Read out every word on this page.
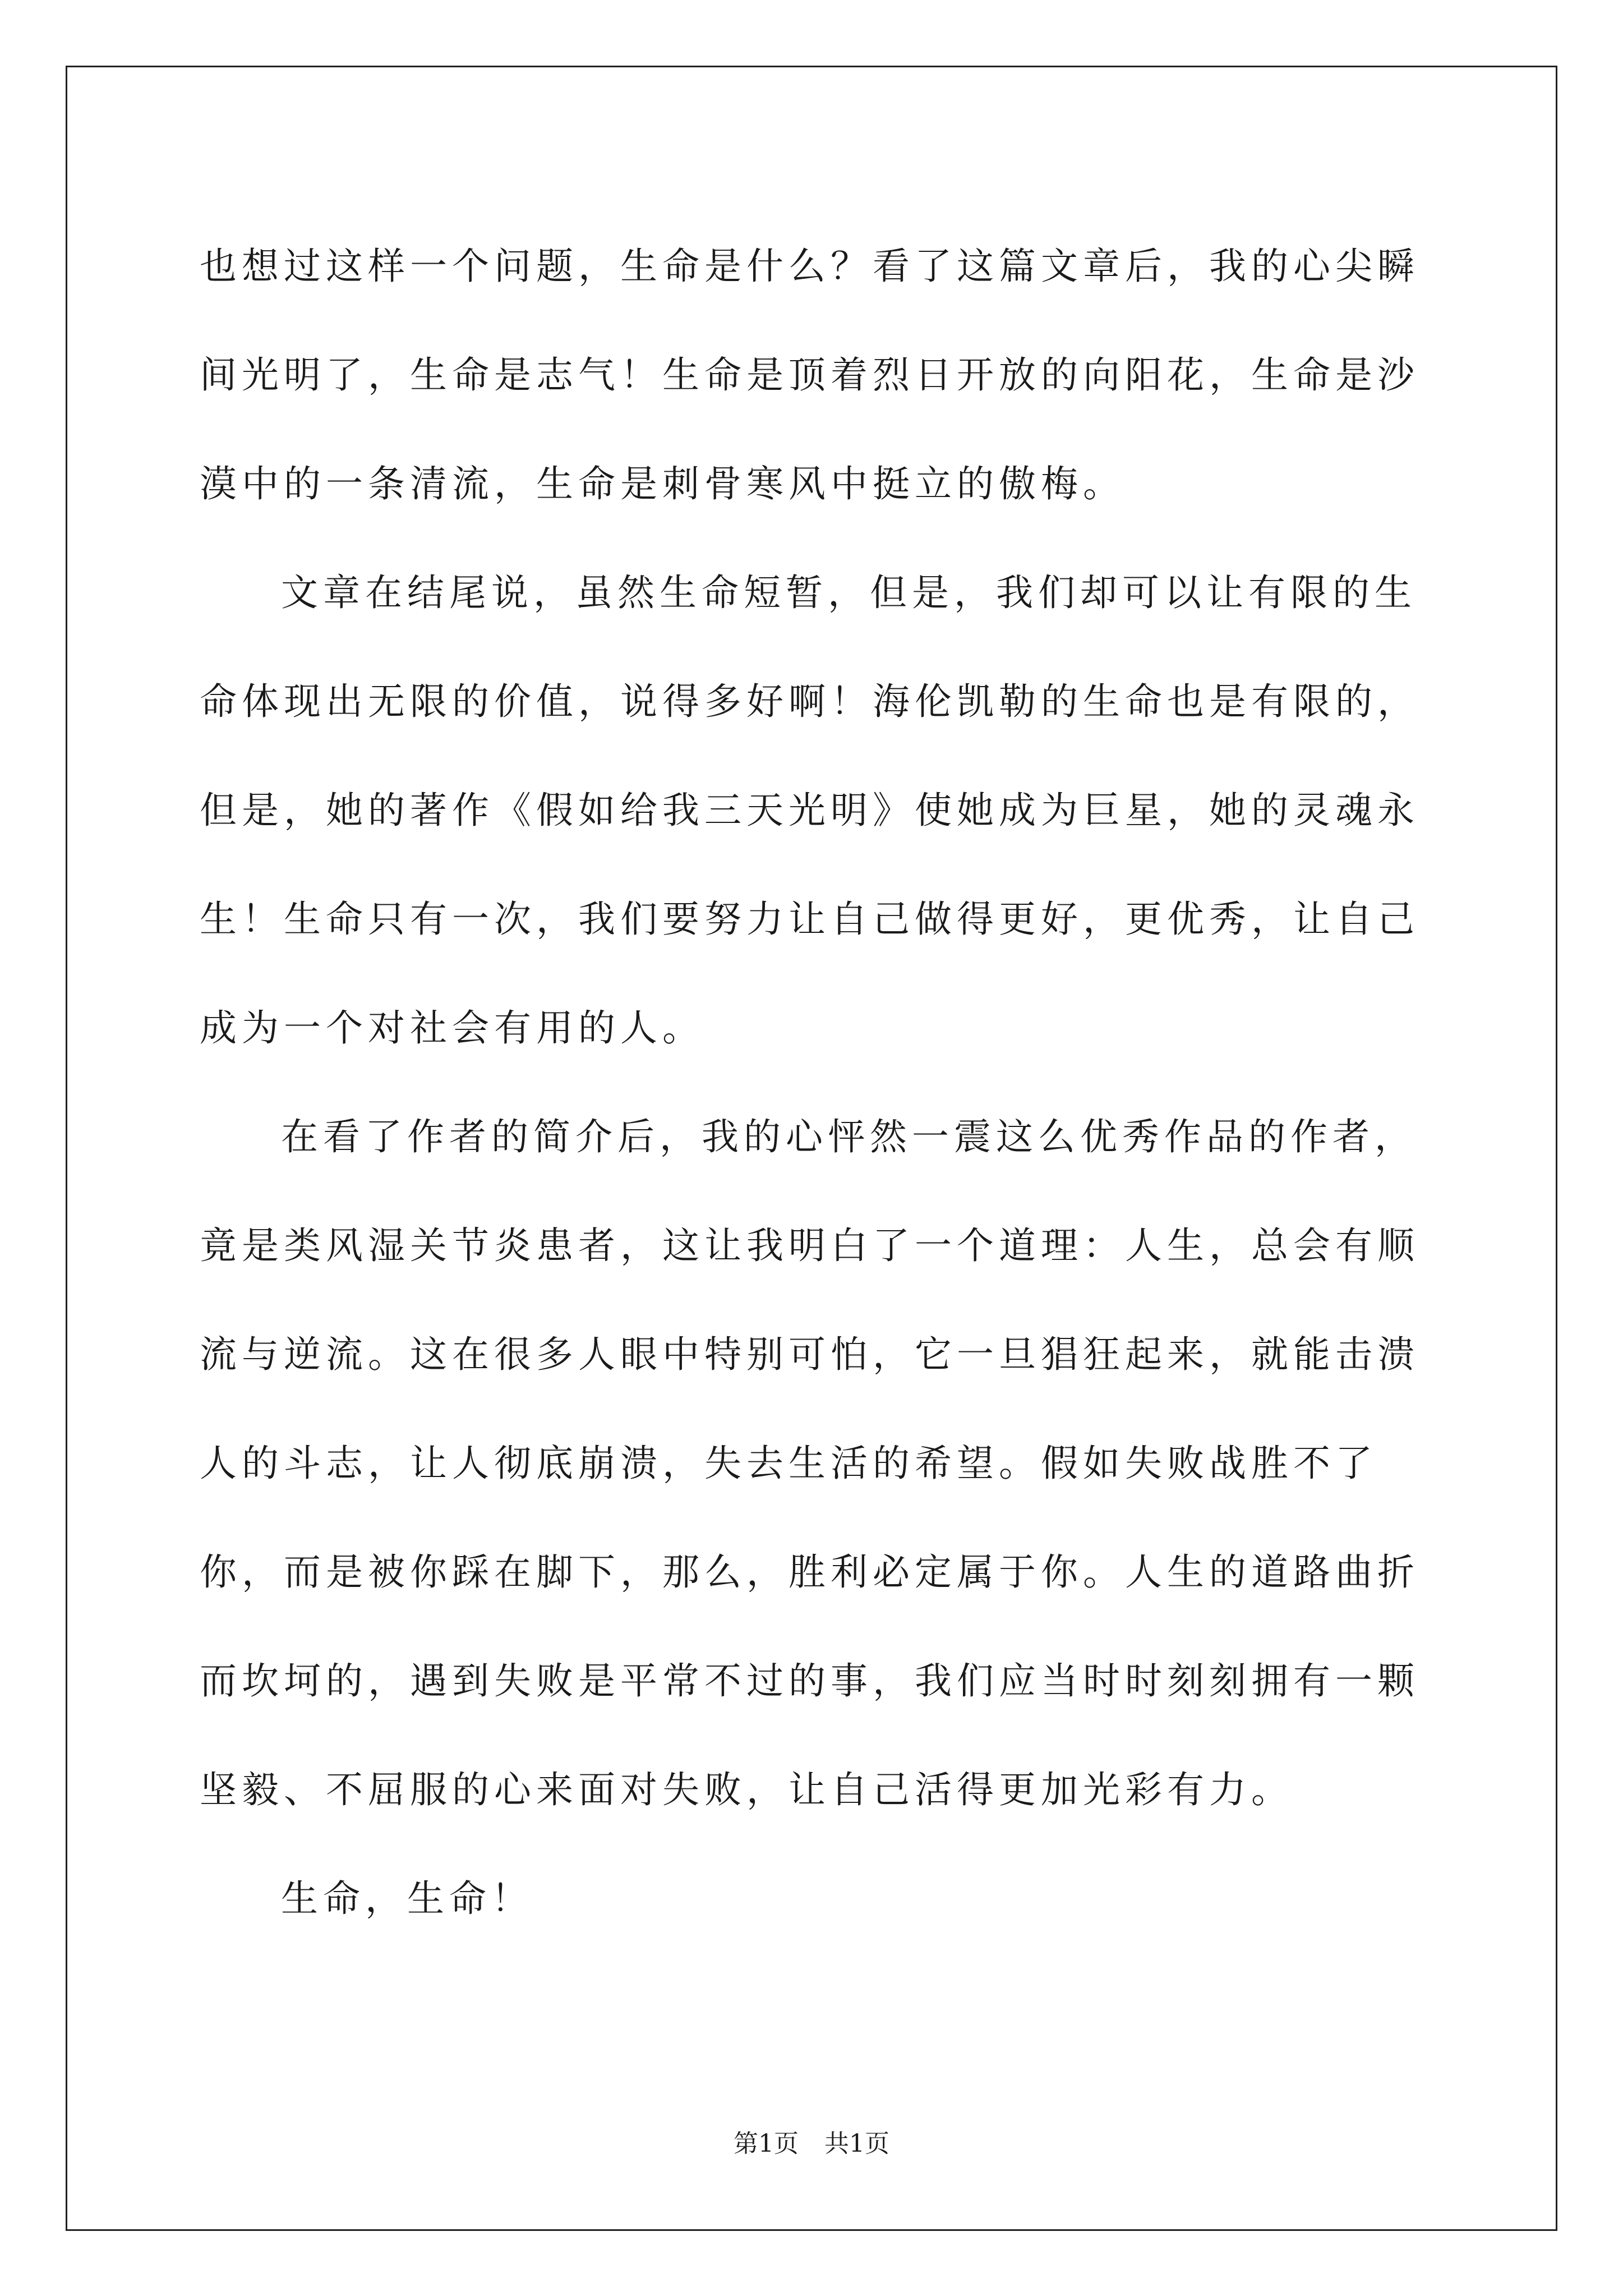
也想过这样一个问题，生命是什么？看了这篇文章后，我的心尖瞬间光明了，生命是志气！生命是顶着烈日开放的向阳花，生命是沙漠中的一条清流，生命是刺骨寒风中挺立的傲梅。

文章在结尾说，虽然生命短暂，但是，我们却可以让有限的生命体现出无限的价值，说得多好啊！海伦凯勒的生命也是有限的，但是，她的著作《假如给我三天光明》使她成为巨星，她的灵魂永生！生命只有一次，我们要努力让自己做得更好，更优秀，让自己成为一个对社会有用的人。

在看了作者的简介后，我的心怦然一震这么优秀作品的作者，竟是类风湿关节炎患者，这让我明白了一个道理：人生，总会有顺流与逆流。这在很多人眼中特别可怕，它一旦猖狂起来，就能击溃人的斗志，让人彻底崩溃，失去生活的希望。假如失败战胜不了你，而是被你踩在脚下，那么，胜利必定属于你。人生的道路曲折而坎坷的，遇到失败是平常不过的事，我们应当时时刻刻拥有一颗坚毅、不屈服的心来面对失败，让自己活得更加光彩有力。

生命，生命！

第1页 共1页
